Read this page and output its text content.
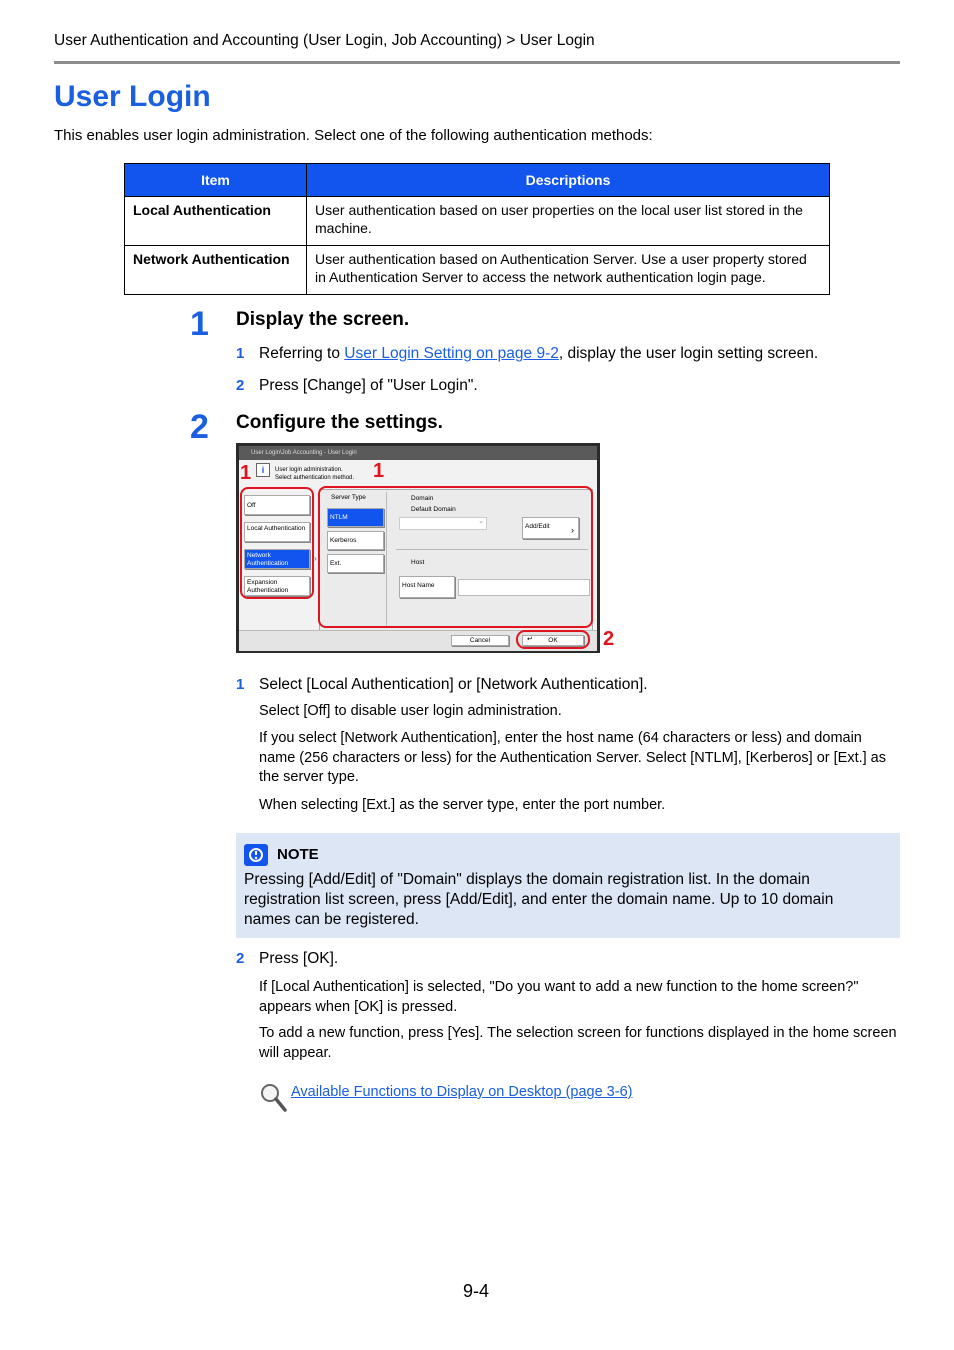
User Authentication and Accounting (User Login, Job Accounting) > User Login
User Login
This enables user login administration. Select one of the following authentication methods:
Item	Descriptions
Local Authentication	User authentication based on user properties on the local user list stored in the machine.
Network Authentication	User authentication based on Authentication Server. Use a user property stored in Authentication Server to access the network authentication login page.
1 Display the screen.
1 Referring to User Login Setting on page 9-2, display the user login setting screen.
2 Press [Change] of "User Login".
2 Configure the settings.
User Login\Job Accounting - User Login
i	User login administration.
Select authentication method.
Off
Local Authentication
Network Authentication
Expansion Authentication
›
Server Type
NTLM
Kerberos
Ext.
Domain
Default Domain
⌄
Add/Edit ›
Host
Host Name
Cancel	↵ OK
1	1
2
1 Select [Local Authentication] or [Network Authentication].
Select [Off] to disable user login administration.
If you select [Network Authentication], enter the host name (64 characters or less) and domain name (256 characters or less) for the Authentication Server. Select [NTLM], [Kerberos] or [Ext.] as the server type.
When selecting [Ext.] as the server type, enter the port number.
NOTE
Pressing [Add/Edit] of "Domain" displays the domain registration list. In the domain registration list screen, press [Add/Edit], and enter the domain name. Up to 10 domain names can be registered.
2 Press [OK].
If [Local Authentication] is selected, "Do you want to add a new function to the home screen?" appears when [OK] is pressed.
To add a new function, press [Yes]. The selection screen for functions displayed in the home screen will appear.
Available Functions to Display on Desktop (page 3-6)
9-4
